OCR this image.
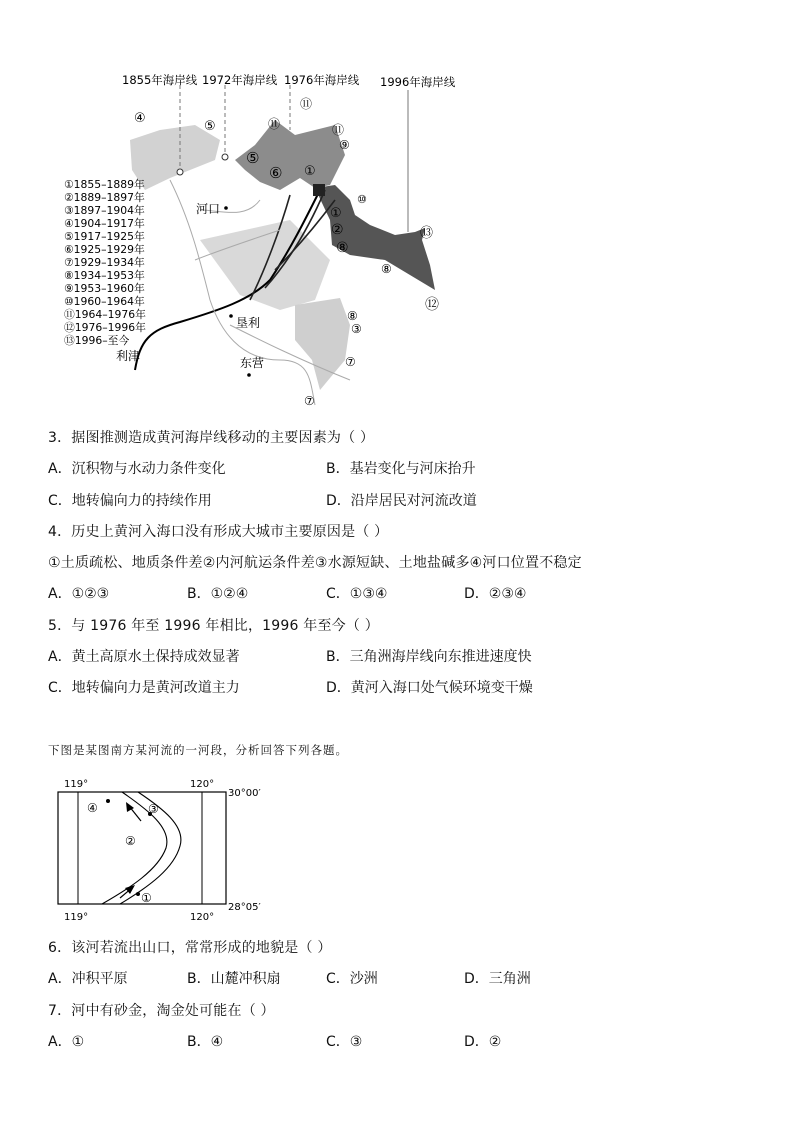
1855年海岸线 1972年海岸线 1976年海岸线 1996年海岸线
①1855–1889年
②1889–1897年
③1897–1904年
④1904–1917年
⑤1917–1925年
⑥1925–1929年
⑦1929–1934年
⑧1934–1953年
⑨1953–1960年
⑩1960–1964年
⑪1964–1976年
⑫1976–1996年
⑬1996–至今
河口
垦利
东营
利津
④
⑤
⑪
⑪	⑪
⑨
⑤
⑥ ①
⑩
①
②
⑧
⑬
⑧
⑫
⑧
③
⑦
⑦
3．据图推测造成黄河海岸线移动的主要因素为（ ）
A．沉积物与水动力条件变化	B．基岩变化与河床抬升
C．地转偏向力的持续作用	D．沿岸居民对河流改道
4．历史上黄河入海口没有形成大城市主要原因是（ ）
①土质疏松、地质条件差②内河航运条件差③水源短缺、土地盐碱多④河口位置不稳定
A．①②③	B．①②④	C．①③④	D．②③④
5．与 1976 年至 1996 年相比，1996 年至今（ ）
A．黄土高原水土保持成效显著	B．三角洲海岸线向东推进速度快
C．地转偏向力是黄河改道主力	D．黄河入海口处气候环境变干燥
下图是某图南方某河流的一河段，分析回答下列各题。
119°	120°
119°	120°
30°00′
28°05′
①
②
③
④
6．该河若流出山口，常常形成的地貌是（ ）
A．冲积平原	B．山麓冲积扇	C．沙洲	D．三角洲
7．河中有砂金，淘金处可能在（ ）
A．①	B．④	C．③	D．②
